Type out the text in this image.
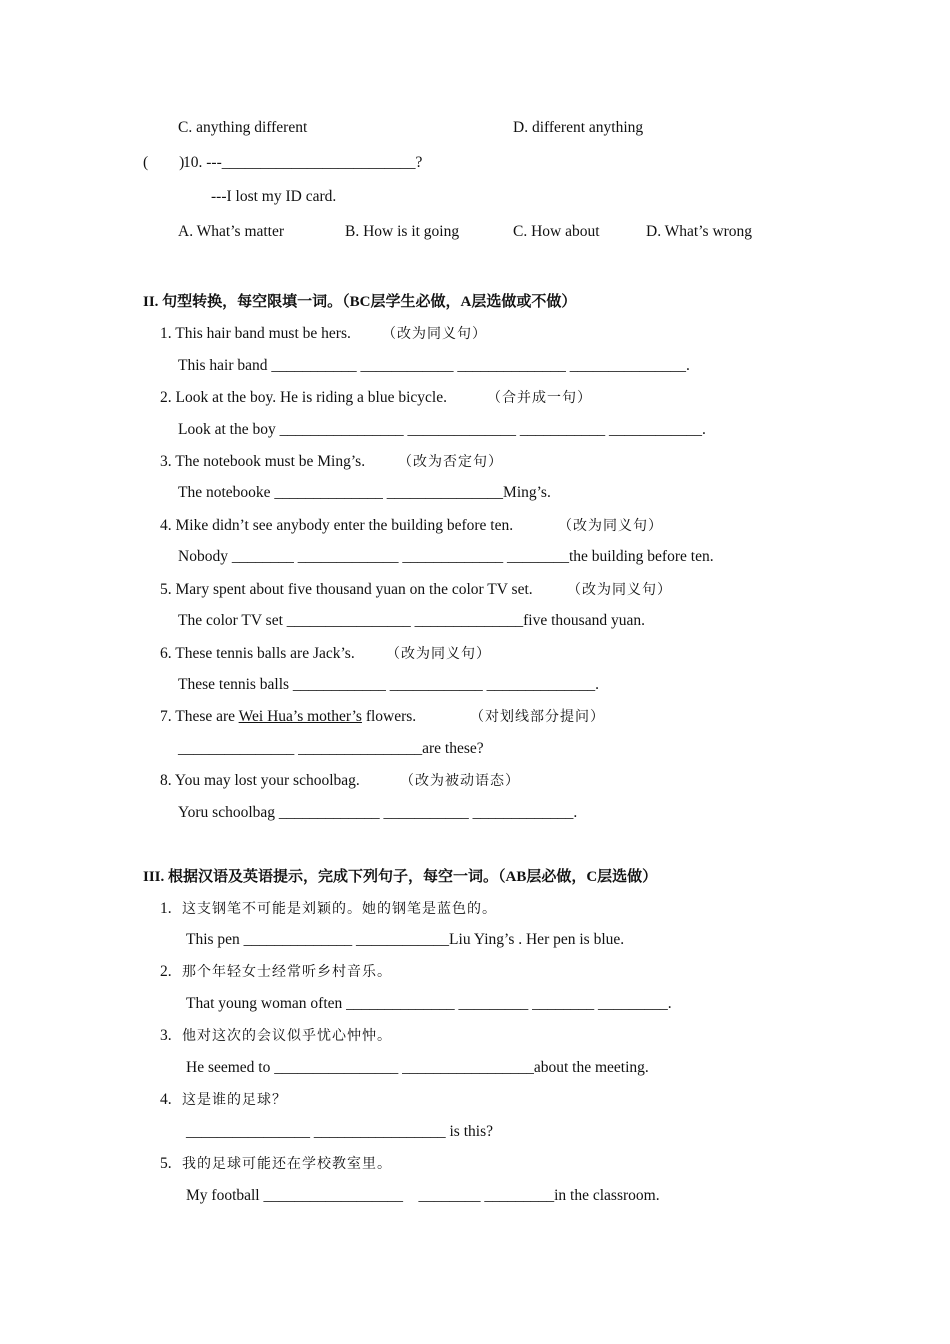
C. anything different	D. different anything
(        )
10. ---_________________________?
---I lost my ID card.
A. What’s matter	B. How is it going	C. How about	D. What’s wrong
II. 句型转换，每空限填一词。（BC层学生必做，A层选做或不做）
1. This hair band must be hers. （改为同义句）
This hair band ___________ ____________ ______________ _______________.
2. Look at the boy. He is riding a blue bicycle.	（合并成一句）
Look at the boy ________________ ______________ ___________ ____________.
3. The notebook must be Ming’s. （改为否定句）
The notebooke ______________ _______________Ming’s.
4. Mike didn’t see anybody enter the building before ten.	（改为同义句）
Nobody ________ _____________ _____________ ________the building before ten.
5. Mary spent about five thousand yuan on the color TV set. （改为同义句）
The color TV set ________________ ______________five thousand yuan.
6. These tennis balls are Jack’s. （改为同义句）
These tennis balls ____________ ____________ ______________.
7. These are Wei Hua’s mother’s flowers.	（对划线部分提问）
_______________ ________________are these?
8. You may lost your schoolbag.	（改为被动语态）
Yoru schoolbag _____________ ___________ _____________.
III. 根据汉语及英语提示，完成下列句子，每空一词。（AB层必做，C层选做）
1. 这支钢笔不可能是刘颖的。她的钢笔是蓝色的。
This pen ______________ ____________Liu Ying’s . Her pen is blue.
2. 那个年轻女士经常听乡村音乐。
That young woman often ______________ _________ ________ _________.
3. 他对这次的会议似乎忧心忡忡。
He seemed to ________________ _________________about the meeting.
4. 这是谁的足球？
________________ _________________ is this?
5. 我的足球可能还在学校教室里。
My football __________________    ________ _________in the classroom.
